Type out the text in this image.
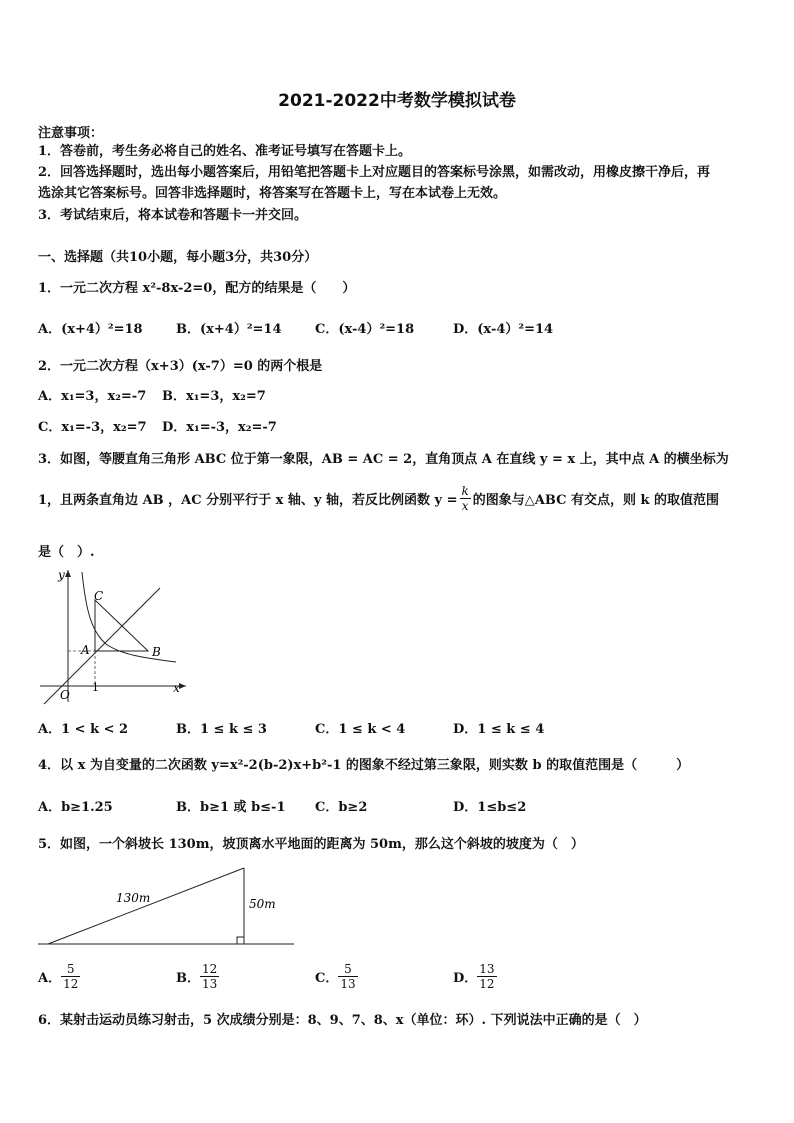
2021-2022中考数学模拟试卷
注意事项：
1．答卷前，考生务必将自己的姓名、准考证号填写在答题卡上。
2．回答选择题时，选出每小题答案后，用铅笔把答题卡上对应题目的答案标号涂黑，如需改动，用橡皮擦干净后，再
选涂其它答案标号。回答非选择题时，将答案写在答题卡上，写在本试卷上无效。
3．考试结束后，将本试卷和答题卡一并交回。
一、选择题（共10小题，每小题3分，共30分）
1．一元二次方程 x²-8x-2=0，配方的结果是（　　）
A．(x+4）²=18	B．(x+4）²=14	C．(x-4）²=18	D．(x-4）²=14
2．一元二次方程（x+3）(x-7）=0 的两个根是
A．x₁=3，x₂=-7 B．x₁=3，x₂=7
C．x₁=-3，x₂=7 D．x₁=-3，x₂=-7
3．如图，等腰直角三角形 ABC 位于第一象限，AB = AC = 2，直角顶点 A 在直线 y = x 上，其中点 A 的横坐标为
1，且两条直角边 AB ，AC 分别平行于 x 轴、y 轴，若反比例函数 $y = \frac{k}{x}$ 的图象与△ABC 有交点，则 k 的取值范围
是（　）.
y
x
O
A	B
C
1
A．1 < k < 2	B．1 ≤ k ≤ 3	C．1 ≤ k < 4	D．1 ≤ k ≤ 4
4．以 x 为自变量的二次函数 y=x²-2(b-2)x+b²-1 的图象不经过第三象限，则实数 b 的取值范围是（　　　）
A．b≥1.25	B．b≥1 或 b≤-1 C．b≥2	D．1≤b≤2
5．如图，一个斜坡长 130m，坡顶离水平地面的距离为 50m，那么这个斜坡的坡度为（　）
130m	50m
A． $\frac{5}{12}$	B． $\frac{12}{13}$	C． $\frac{5}{13}$	D． $\frac{13}{12}$
6．某射击运动员练习射击，5 次成绩分别是：8、9、7、8、x（单位：环）. 下列说法中正确的是（　）
